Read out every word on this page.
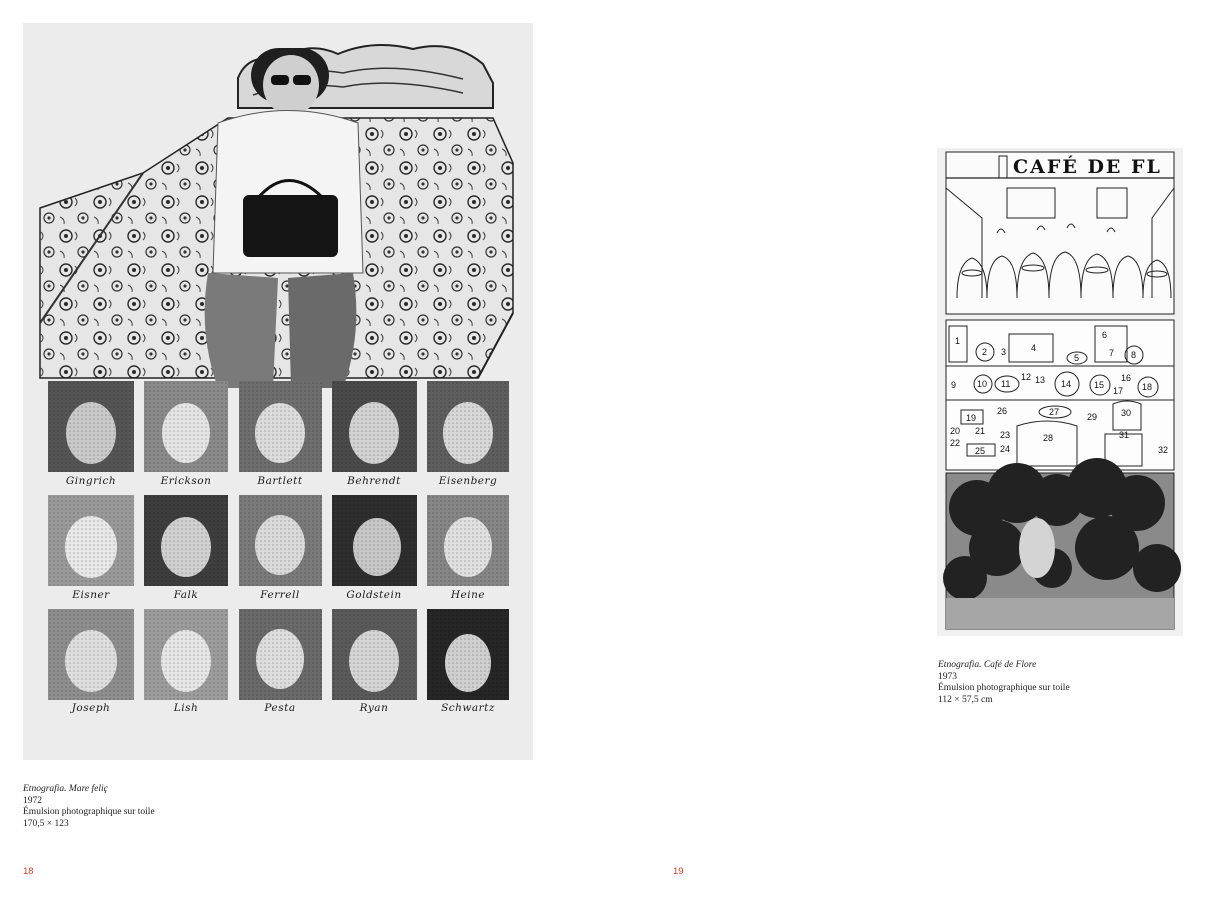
Gingrich	Erickson	Bartlett	Behrendt	Eisenberg
Eisner	Falk	Ferrell	Goldstein	Heine
Joseph	Lish	Pesta	Ryan	Schwartz
Etnografia. Mare feliç
1972
Émulsion photographique sur toile
170,5 × 123
18
CAFÉ DE FL
1
2 3	4
5
6
7 8
9 10 11
12 13 14	15
16
17 18
19
20 21
22
23
24
25
26	27
28
29	30
31
32
Etnografia. Café de Flore
1973
Émulsion photographique sur toile
112 × 57,5 cm
19
